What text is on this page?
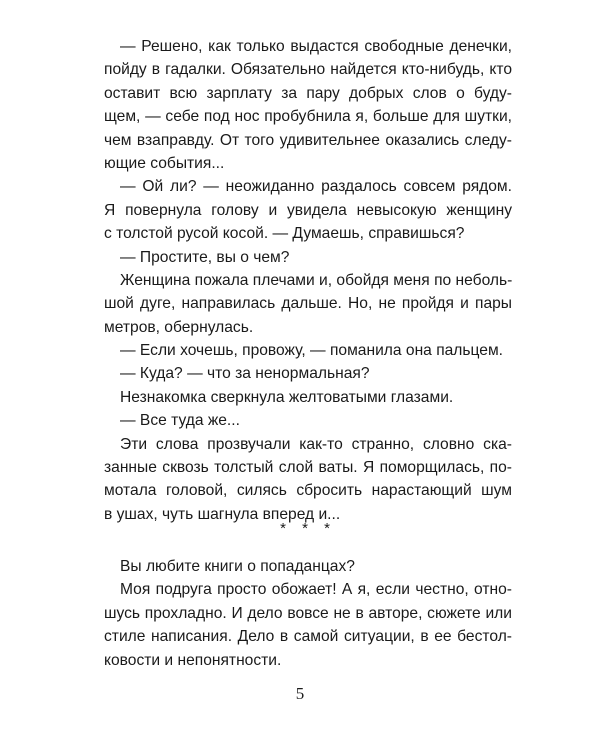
— Решено, как только выдастся свободные денечки,
пойду в гадалки. Обязательно найдется кто-нибудь, кто
оставит всю зарплату за пару добрых слов о буду-
щем, — себе под нос пробубнила я, больше для шутки,
чем взаправду. От того удивительнее оказались следу-
ющие события...
— Ой ли? — неожиданно раздалось совсем рядом.
Я повернула голову и увидела невысокую женщину
с толстой русой косой. — Думаешь, справишься?
— Простите, вы о чем?
Женщина пожала плечами и, обойдя меня по неболь-
шой дуге, направилась дальше. Но, не пройдя и пары
метров, обернулась.
— Если хочешь, провожу, — поманила она пальцем.
— Куда? — что за ненормальная?
Незнакомка сверкнула желтоватыми глазами.
— Все туда же...
Эти слова прозвучали как-то странно, словно ска-
занные сквозь толстый слой ваты. Я поморщилась, по-
мотала головой, силясь сбросить нарастающий шум
в ушах, чуть шагнула вперед и...
* * *
Вы любите книги о попаданцах?
Моя подруга просто обожает! А я, если честно, отно-
шусь прохладно. И дело вовсе не в авторе, сюжете или
стиле написания. Дело в самой ситуации, в ее бестол-
ковости и непонятности.
5
